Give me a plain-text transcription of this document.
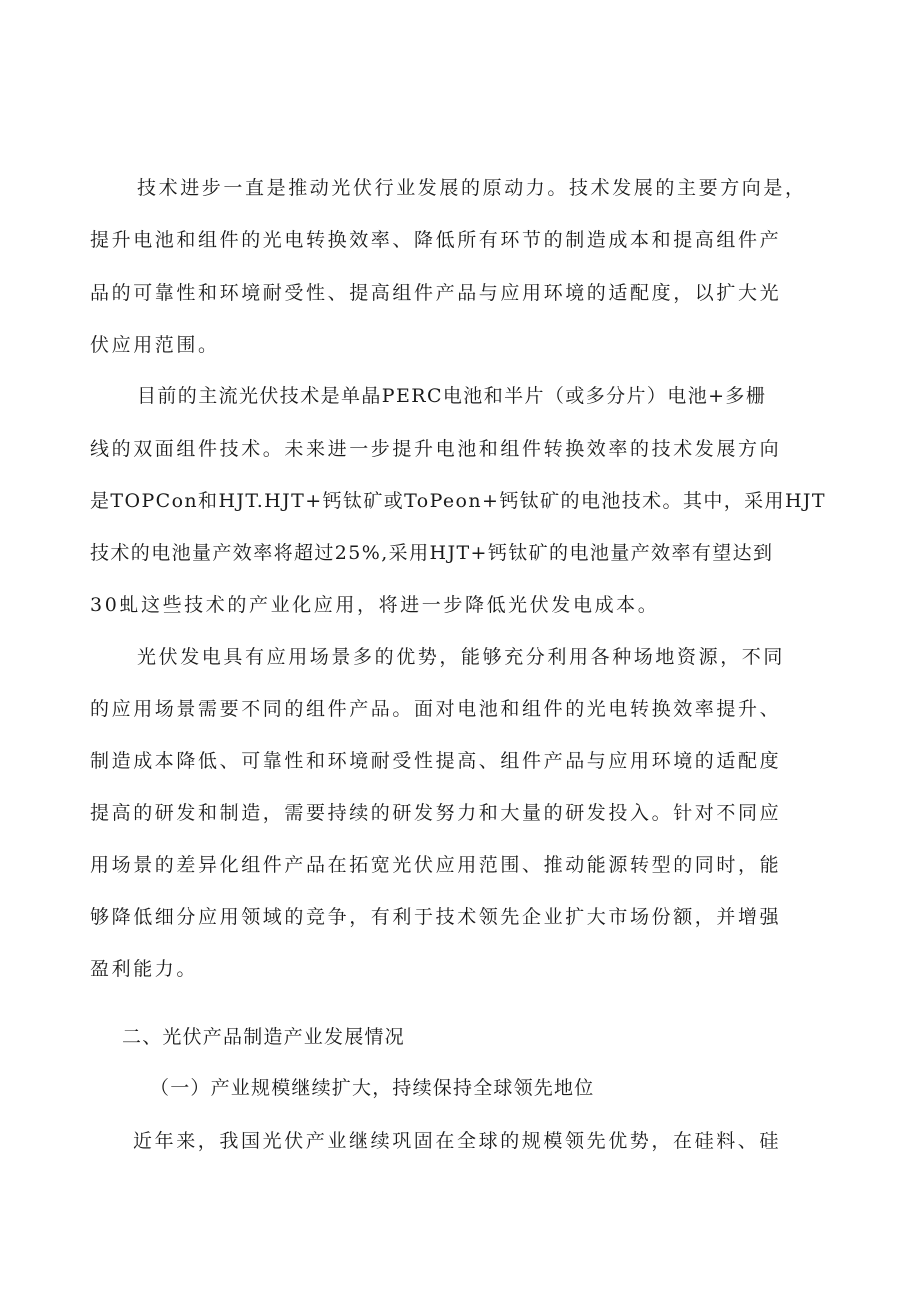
技术进步一直是推动光伏行业发展的原动力。技术发展的主要方向是，
提升电池和组件的光电转换效率、降低所有环节的制造成本和提高组件产
品的可靠性和环境耐受性、提高组件产品与应用环境的适配度，以扩大光
伏应用范围。
目前的主流光伏技术是单晶PERC电池和半片（或多分片）电池+多栅
线的双面组件技术。未来进一步提升电池和组件转换效率的技术发展方向
是TOPCon和HJT.HJT+钙钛矿或ToPeon+钙钛矿的电池技术。其中，采用HJT
技术的电池量产效率将超过25%,采用HJT+钙钛矿的电池量产效率有望达到
30虬这些技术的产业化应用，将进一步降低光伏发电成本。
光伏发电具有应用场景多的优势，能够充分利用各种场地资源，不同
的应用场景需要不同的组件产品。面对电池和组件的光电转换效率提升、
制造成本降低、可靠性和环境耐受性提高、组件产品与应用环境的适配度
提高的研发和制造，需要持续的研发努力和大量的研发投入。针对不同应
用场景的差异化组件产品在拓宽光伏应用范围、推动能源转型的同时，能
够降低细分应用领域的竞争，有利于技术领先企业扩大市场份额，并增强
盈利能力。
二、光伏产品制造产业发展情况
（一）产业规模继续扩大，持续保持全球领先地位
近年来，我国光伏产业继续巩固在全球的规模领先优势，在硅料、硅
